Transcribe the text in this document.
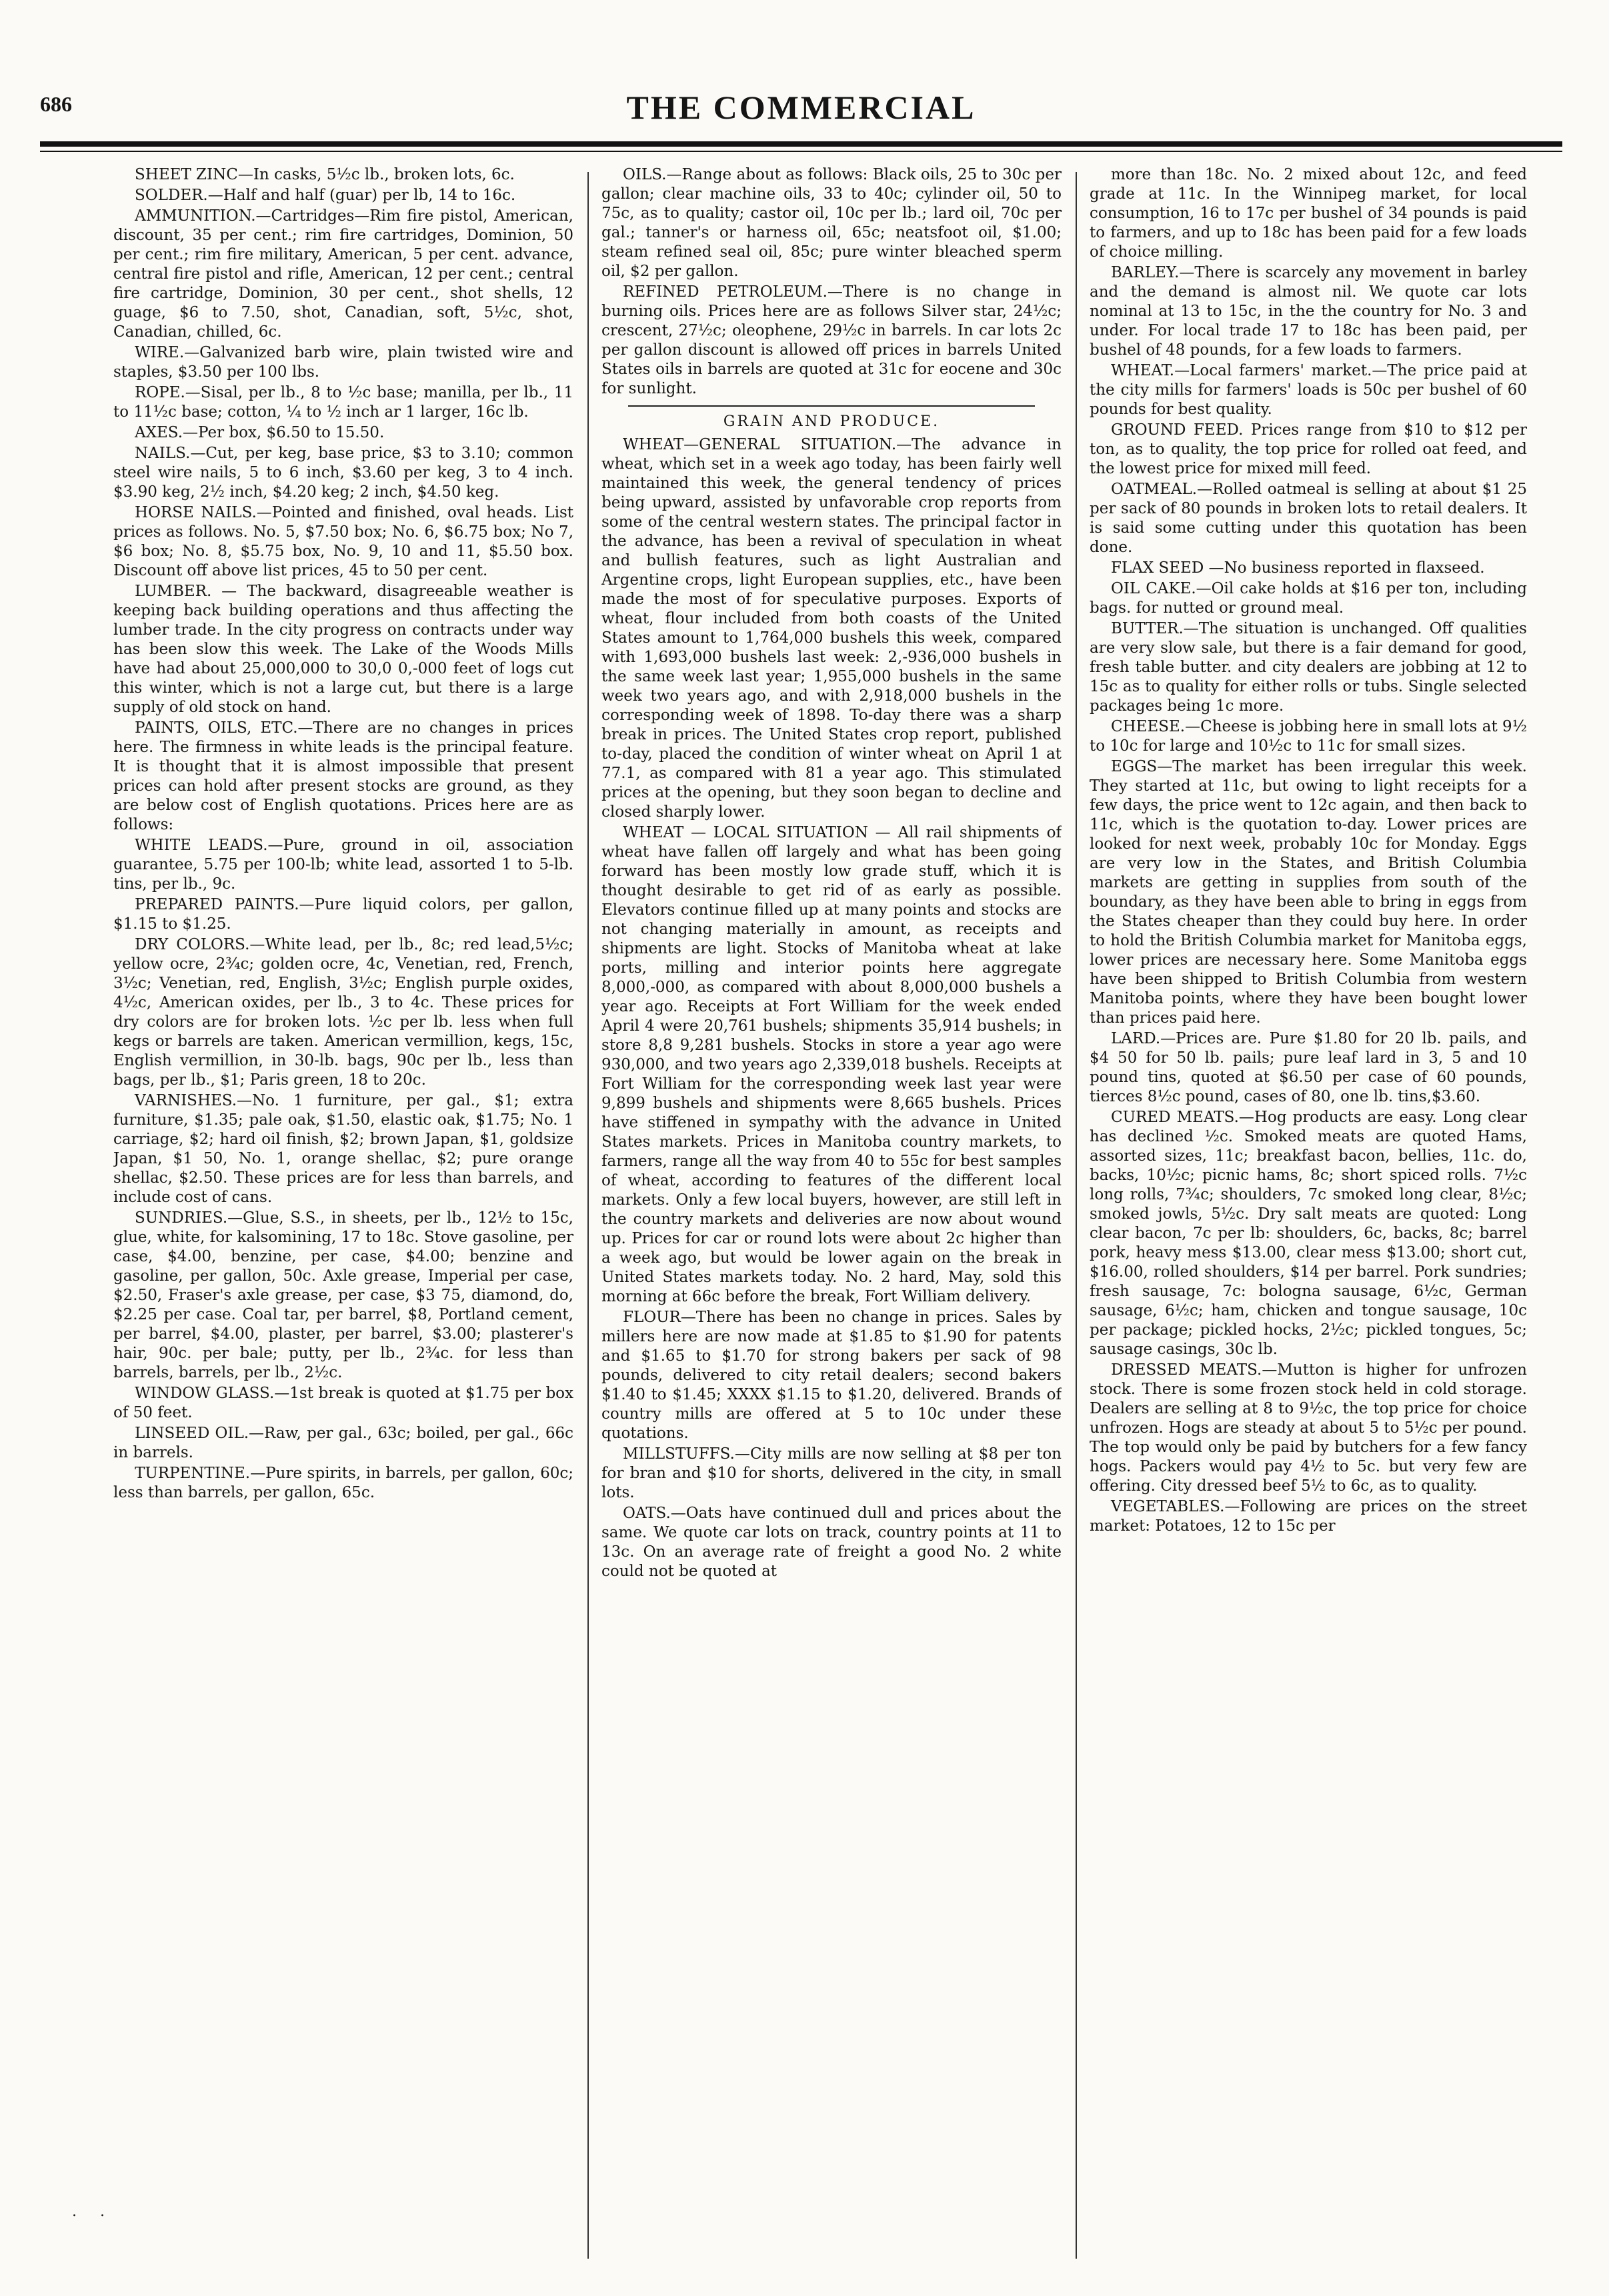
686	THE COMMERCIAL

SHEET ZINC—In casks, 5½c lb., broken lots, 6c.

SOLDER.—Half and half (guar) per lb, 14 to 16c.

AMMUNITION.—Cartridges—Rim fire pistol, American, discount, 35 per cent.; rim fire cartridges, Dominion, 50 per cent.; rim fire military, American, 5 per cent. advance, central fire pistol and rifle, American, 12 per cent.; central fire cartridge, Dominion, 30 per cent., shot shells, 12 guage, $6 to 7.50, shot, Canadian, soft, 5½c, shot, Canadian, chilled, 6c.

WIRE.—Galvanized barb wire, plain twisted wire and staples, $3.50 per 100 lbs.

ROPE.—Sisal, per lb., 8 to ½c base; manilla, per lb., 11 to 11½c base; cotton, ¼ to ½ inch ar 1 larger, 16c lb.

AXES.—Per box, $6.50 to 15.50.

NAILS.—Cut, per keg, base price, $3 to 3.10; common steel wire nails, 5 to 6 inch, $3.60 per keg, 3 to 4 inch. $3.90 keg, 2½ inch, $4.20 keg; 2 inch, $4.50 keg.

HORSE NAILS.—Pointed and finished, oval heads. List prices as follows. No. 5, $7.50 box; No. 6, $6.75 box; No 7, $6 box; No. 8, $5.75 box, No. 9, 10 and 11, $5.50 box. Discount off above list prices, 45 to 50 per cent.

LUMBER. — The backward, disagreeable weather is keeping back building operations and thus affecting the lumber trade. In the city progress on contracts under way has been slow this week. The Lake of the Woods Mills have had about 25,000,000 to 30,0 0,-000 feet of logs cut this winter, which is not a large cut, but there is a large supply of old stock on hand.

PAINTS, OILS, ETC.—There are no changes in prices here. The firmness in white leads is the principal feature. It is thought that it is almost impossible that present prices can hold after present stocks are ground, as they are below cost of English quotations. Prices here are as follows:

WHITE LEADS.—Pure, ground in oil, association guarantee, 5.75 per 100-lb; white lead, assorted 1 to 5-lb. tins, per lb., 9c.

PREPARED PAINTS.—Pure liquid colors, per gallon, $1.15 to $1.25.

DRY COLORS.—White lead, per lb., 8c; red lead,5½c; yellow ocre, 2¾c; golden ocre, 4c, Venetian, red, French, 3½c; Venetian, red, English, 3½c; English purple oxides, 4½c, American oxides, per lb., 3 to 4c. These prices for dry colors are for broken lots. ½c per lb. less when full kegs or barrels are taken. American vermillion, kegs, 15c, English vermillion, in 30-lb. bags, 90c per lb., less than bags, per lb., $1; Paris green, 18 to 20c.

VARNISHES.—No. 1 furniture, per gal., $1; extra furniture, $1.35; pale oak, $1.50, elastic oak, $1.75; No. 1 carriage, $2; hard oil finish, $2; brown Japan, $1, goldsize Japan, $1 50, No. 1, orange shellac, $2; pure orange shellac, $2.50. These prices are for less than barrels, and include cost of cans.

SUNDRIES.—Glue, S.S., in sheets, per lb., 12½ to 15c, glue, white, for kalsomining, 17 to 18c. Stove gasoline, per case, $4.00, benzine, per case, $4.00; benzine and gasoline, per gallon, 50c. Axle grease, Imperial per case, $2.50, Fraser's axle grease, per case, $3 75, diamond, do, $2.25 per case. Coal tar, per barrel, $8, Portland cement, per barrel, $4.00, plaster, per barrel, $3.00; plasterer's hair, 90c. per bale; putty, per lb., 2¾c. for less than barrels, barrels, per lb., 2½c.

WINDOW GLASS.—1st break is quoted at $1.75 per box of 50 feet.

LINSEED OIL.—Raw, per gal., 63c; boiled, per gal., 66c in barrels.

TURPENTINE.—Pure spirits, in barrels, per gallon, 60c; less than barrels, per gallon, 65c.

OILS.—Range about as follows: Black oils, 25 to 30c per gallon; clear machine oils, 33 to 40c; cylinder oil, 50 to 75c, as to quality; castor oil, 10c per lb.; lard oil, 70c per gal.; tanner's or harness oil, 65c; neatsfoot oil, $1.00; steam refined seal oil, 85c; pure winter bleached sperm oil, $2 per gallon.

REFINED PETROLEUM.—There is no change in burning oils. Prices here are as follows Silver star, 24½c; crescent, 27½c; oleophene, 29½c in barrels. In car lots 2c per gallon discount is allowed off prices in barrels United States oils in barrels are quoted at 31c for eocene and 30c for sunlight.

GRAIN AND PRODUCE.

WHEAT—GENERAL SITUATION.—The advance in wheat, which set in a week ago today, has been fairly well maintained this week, the general tendency of prices being upward, assisted by unfavorable crop reports from some of the central western states. The principal factor in the advance, has been a revival of speculation in wheat and bullish features, such as light Australian and Argentine crops, light European supplies, etc., have been made the most of for speculative purposes. Exports of wheat, flour included from both coasts of the United States amount to 1,764,000 bushels this week, compared with 1,693,000 bushels last week: 2,-936,000 bushels in the same week last year; 1,955,000 bushels in the same week two years ago, and with 2,918,000 bushels in the corresponding week of 1898. To-day there was a sharp break in prices. The United States crop report, published to-day, placed the condition of winter wheat on April 1 at 77.1, as compared with 81 a year ago. This stimulated prices at the opening, but they soon began to decline and closed sharply lower.

WHEAT — LOCAL SITUATION — All rail shipments of wheat have fallen off largely and what has been going forward has been mostly low grade stuff, which it is thought desirable to get rid of as early as possible. Elevators continue filled up at many points and stocks are not changing materially in amount, as receipts and shipments are light. Stocks of Manitoba wheat at lake ports, milling and interior points here aggregate 8,000,-000, as compared with about 8,000,000 bushels a year ago. Receipts at Fort William for the week ended April 4 were 20,761 bushels; shipments 35,914 bushels; in store 8,8 9,281 bushels. Stocks in store a year ago were 930,000, and two years ago 2,339,018 bushels. Receipts at Fort William for the corresponding week last year were 9,899 bushels and shipments were 8,665 bushels. Prices have stiffened in sympathy with the advance in United States markets. Prices in Manitoba country markets, to farmers, range all the way from 40 to 55c for best samples of wheat, according to features of the different local markets. Only a few local buyers, however, are still left in the country markets and deliveries are now about wound up. Prices for car or round lots were about 2c higher than a week ago, but would be lower again on the break in United States markets today. No. 2 hard, May, sold this morning at 66c before the break, Fort William delivery.

FLOUR—There has been no change in prices. Sales by millers here are now made at $1.85 to $1.90 for patents and $1.65 to $1.70 for strong bakers per sack of 98 pounds, delivered to city retail dealers; second bakers $1.40 to $1.45; XXXX $1.15 to $1.20, delivered. Brands of country mills are offered at 5 to 10c under these quotations.

MILLSTUFFS.—City mills are now selling at $8 per ton for bran and $10 for shorts, delivered in the city, in small lots.

OATS.—Oats have continued dull and prices about the same. We quote car lots on track, country points at 11 to 13c. On an average rate of freight a good No. 2 white could not be quoted at

more than 18c. No. 2 mixed about 12c, and feed grade at 11c. In the Winnipeg market, for local consumption, 16 to 17c per bushel of 34 pounds is paid to farmers, and up to 18c has been paid for a few loads of choice milling.

BARLEY.—There is scarcely any movement in barley and the demand is almost nil. We quote car lots nominal at 13 to 15c, in the the country for No. 3 and under. For local trade 17 to 18c has been paid, per bushel of 48 pounds, for a few loads to farmers.

WHEAT.—Local farmers' market.—The price paid at the city mills for farmers' loads is 50c per bushel of 60 pounds for best quality.

GROUND FEED. Prices range from $10 to $12 per ton, as to quality, the top price for rolled oat feed, and the lowest price for mixed mill feed.

OATMEAL.—Rolled oatmeal is selling at about $1 25 per sack of 80 pounds in broken lots to retail dealers. It is said some cutting under this quotation has been done.

FLAX SEED —No business reported in flaxseed.

OIL CAKE.—Oil cake holds at $16 per ton, including bags. for nutted or ground meal.

BUTTER.—The situation is unchanged. Off qualities are very slow sale, but there is a fair demand for good, fresh table butter. and city dealers are jobbing at 12 to 15c as to quality for either rolls or tubs. Single selected packages being 1c more.

CHEESE.—Cheese is jobbing here in small lots at 9½ to 10c for large and 10½c to 11c for small sizes.

EGGS—The market has been irregular this week. They started at 11c, but owing to light receipts for a few days, the price went to 12c again, and then back to 11c, which is the quotation to-day. Lower prices are looked for next week, probably 10c for Monday. Eggs are very low in the States, and British Columbia markets are getting in supplies from south of the boundary, as they have been able to bring in eggs from the States cheaper than they could buy here. In order to hold the British Columbia market for Manitoba eggs, lower prices are necessary here. Some Manitoba eggs have been shipped to British Columbia from western Manitoba points, where they have been bought lower than prices paid here.

LARD.—Prices are. Pure $1.80 for 20 lb. pails, and $4 50 for 50 lb. pails; pure leaf lard in 3, 5 and 10 pound tins, quoted at $6.50 per case of 60 pounds, tierces 8½c pound, cases of 80, one lb. tins,$3.60.

CURED MEATS.—Hog products are easy. Long clear has declined ½c. Smoked meats are quoted Hams, assorted sizes, 11c; breakfast bacon, bellies, 11c. do, backs, 10½c; picnic hams, 8c; short spiced rolls. 7½c long rolls, 7¾c; shoulders, 7c smoked long clear, 8½c; smoked jowls, 5½c. Dry salt meats are quoted: Long clear bacon, 7c per lb: shoulders, 6c, backs, 8c; barrel pork, heavy mess $13.00, clear mess $13.00; short cut, $16.00, rolled shoulders, $14 per barrel. Pork sundries; fresh sausage, 7c: bologna sausage, 6½c, German sausage, 6½c; ham, chicken and tongue sausage, 10c per package; pickled hocks, 2½c; pickled tongues, 5c; sausage casings, 30c lb.

DRESSED MEATS.—Mutton is higher for unfrozen stock. There is some frozen stock held in cold storage. Dealers are selling at 8 to 9½c, the top price for choice unfrozen. Hogs are steady at about 5 to 5½c per pound. The top would only be paid by butchers for a few fancy hogs. Packers would pay 4½ to 5c. but very few are offering. City dressed beef 5½ to 6c, as to quality.

VEGETABLES.—Following are prices on the street market: Potatoes, 12 to 15c per

. .
